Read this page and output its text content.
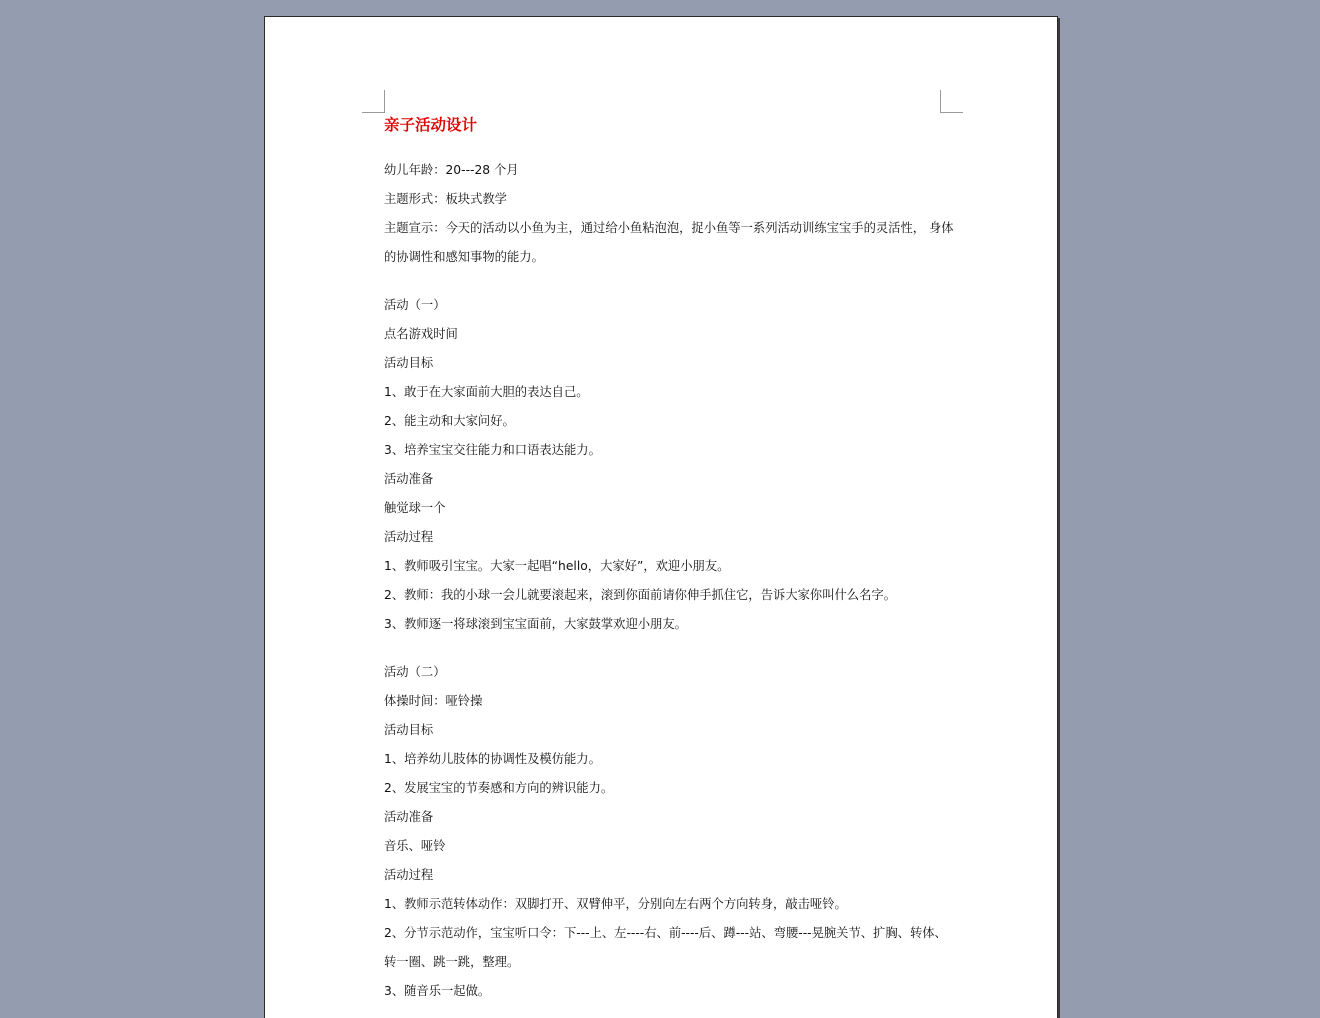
亲子活动设计

幼儿年龄：20---28 个月

主题形式：板块式教学

主题宣示：今天的活动以小鱼为主，通过给小鱼粘泡泡，捉小鱼等一系列活动训练宝宝手的灵活性， 身体

的协调性和感知事物的能力。

活动（一）

点名游戏时间

活动目标

1、敢于在大家面前大胆的表达自己。

2、能主动和大家问好。

3、培养宝宝交往能力和口语表达能力。

活动准备

触觉球一个

活动过程

1、教师吸引宝宝。大家一起唱“hello，大家好”，欢迎小朋友。

2、教师：我的小球一会儿就要滚起来，滚到你面前请你伸手抓住它，告诉大家你叫什么名字。

3、教师逐一将球滚到宝宝面前，大家鼓掌欢迎小朋友。

活动（二）

体操时间：哑铃操

活动目标

1、培养幼儿肢体的协调性及模仿能力。

2、发展宝宝的节奏感和方向的辨识能力。

活动准备

音乐、哑铃

活动过程

1、教师示范转体动作：双脚打开、双臂伸平，分别向左右两个方向转身，敲击哑铃。

2、分节示范动作，宝宝听口令：下---上、左----右、前----后、蹲---站、弯腰---晃腕关节、扩胸、转体、

转一圈、跳一跳，整理。

3、随音乐一起做。
